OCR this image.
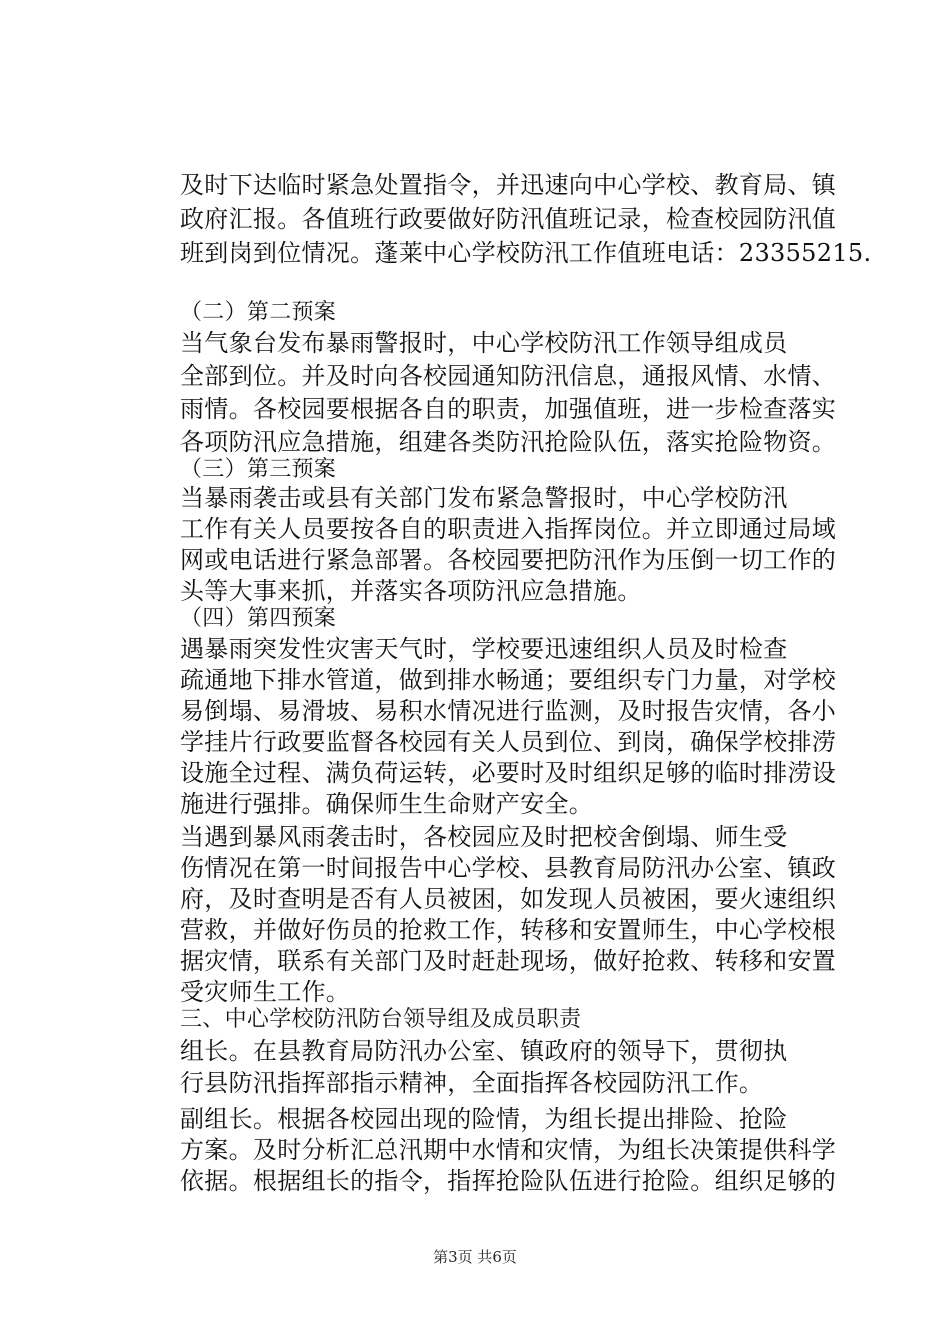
及时下达临时紧急处置指令，并迅速向中心学校、教育局、镇
政府汇报。各值班行政要做好防汛值班记录，检查校园防汛值
班到岗到位情况。蓬莱中心学校防汛工作值班电话：23355215.
（二）第二预案
当气象台发布暴雨警报时，中心学校防汛工作领导组成员
全部到位。并及时向各校园通知防汛信息，通报风情、水情、
雨情。各校园要根据各自的职责，加强值班，进一步检查落实
各项防汛应急措施，组建各类防汛抢险队伍，落实抢险物资。
（三）第三预案
当暴雨袭击或县有关部门发布紧急警报时，中心学校防汛
工作有关人员要按各自的职责进入指挥岗位。并立即通过局域
网或电话进行紧急部署。各校园要把防汛作为压倒一切工作的
头等大事来抓，并落实各项防汛应急措施。
（四）第四预案
遇暴雨突发性灾害天气时，学校要迅速组织人员及时检查
疏通地下排水管道，做到排水畅通；要组织专门力量，对学校
易倒塌、易滑坡、易积水情况进行监测，及时报告灾情，各小
学挂片行政要监督各校园有关人员到位、到岗，确保学校排涝
设施全过程、满负荷运转，必要时及时组织足够的临时排涝设
施进行强排。确保师生生命财产安全。
当遇到暴风雨袭击时，各校园应及时把校舍倒塌、师生受
伤情况在第一时间报告中心学校、县教育局防汛办公室、镇政
府，及时查明是否有人员被困，如发现人员被困，要火速组织
营救，并做好伤员的抢救工作，转移和安置师生，中心学校根
据灾情，联系有关部门及时赶赴现场，做好抢救、转移和安置
受灾师生工作。
三、中心学校防汛防台领导组及成员职责
组长。在县教育局防汛办公室、镇政府的领导下，贯彻执
行县防汛指挥部指示精神，全面指挥各校园防汛工作。
副组长。根据各校园出现的险情，为组长提出排险、抢险
方案。及时分析汇总汛期中水情和灾情，为组长决策提供科学
依据。根据组长的指令，指挥抢险队伍进行抢险。组织足够的
第3页 共6页
